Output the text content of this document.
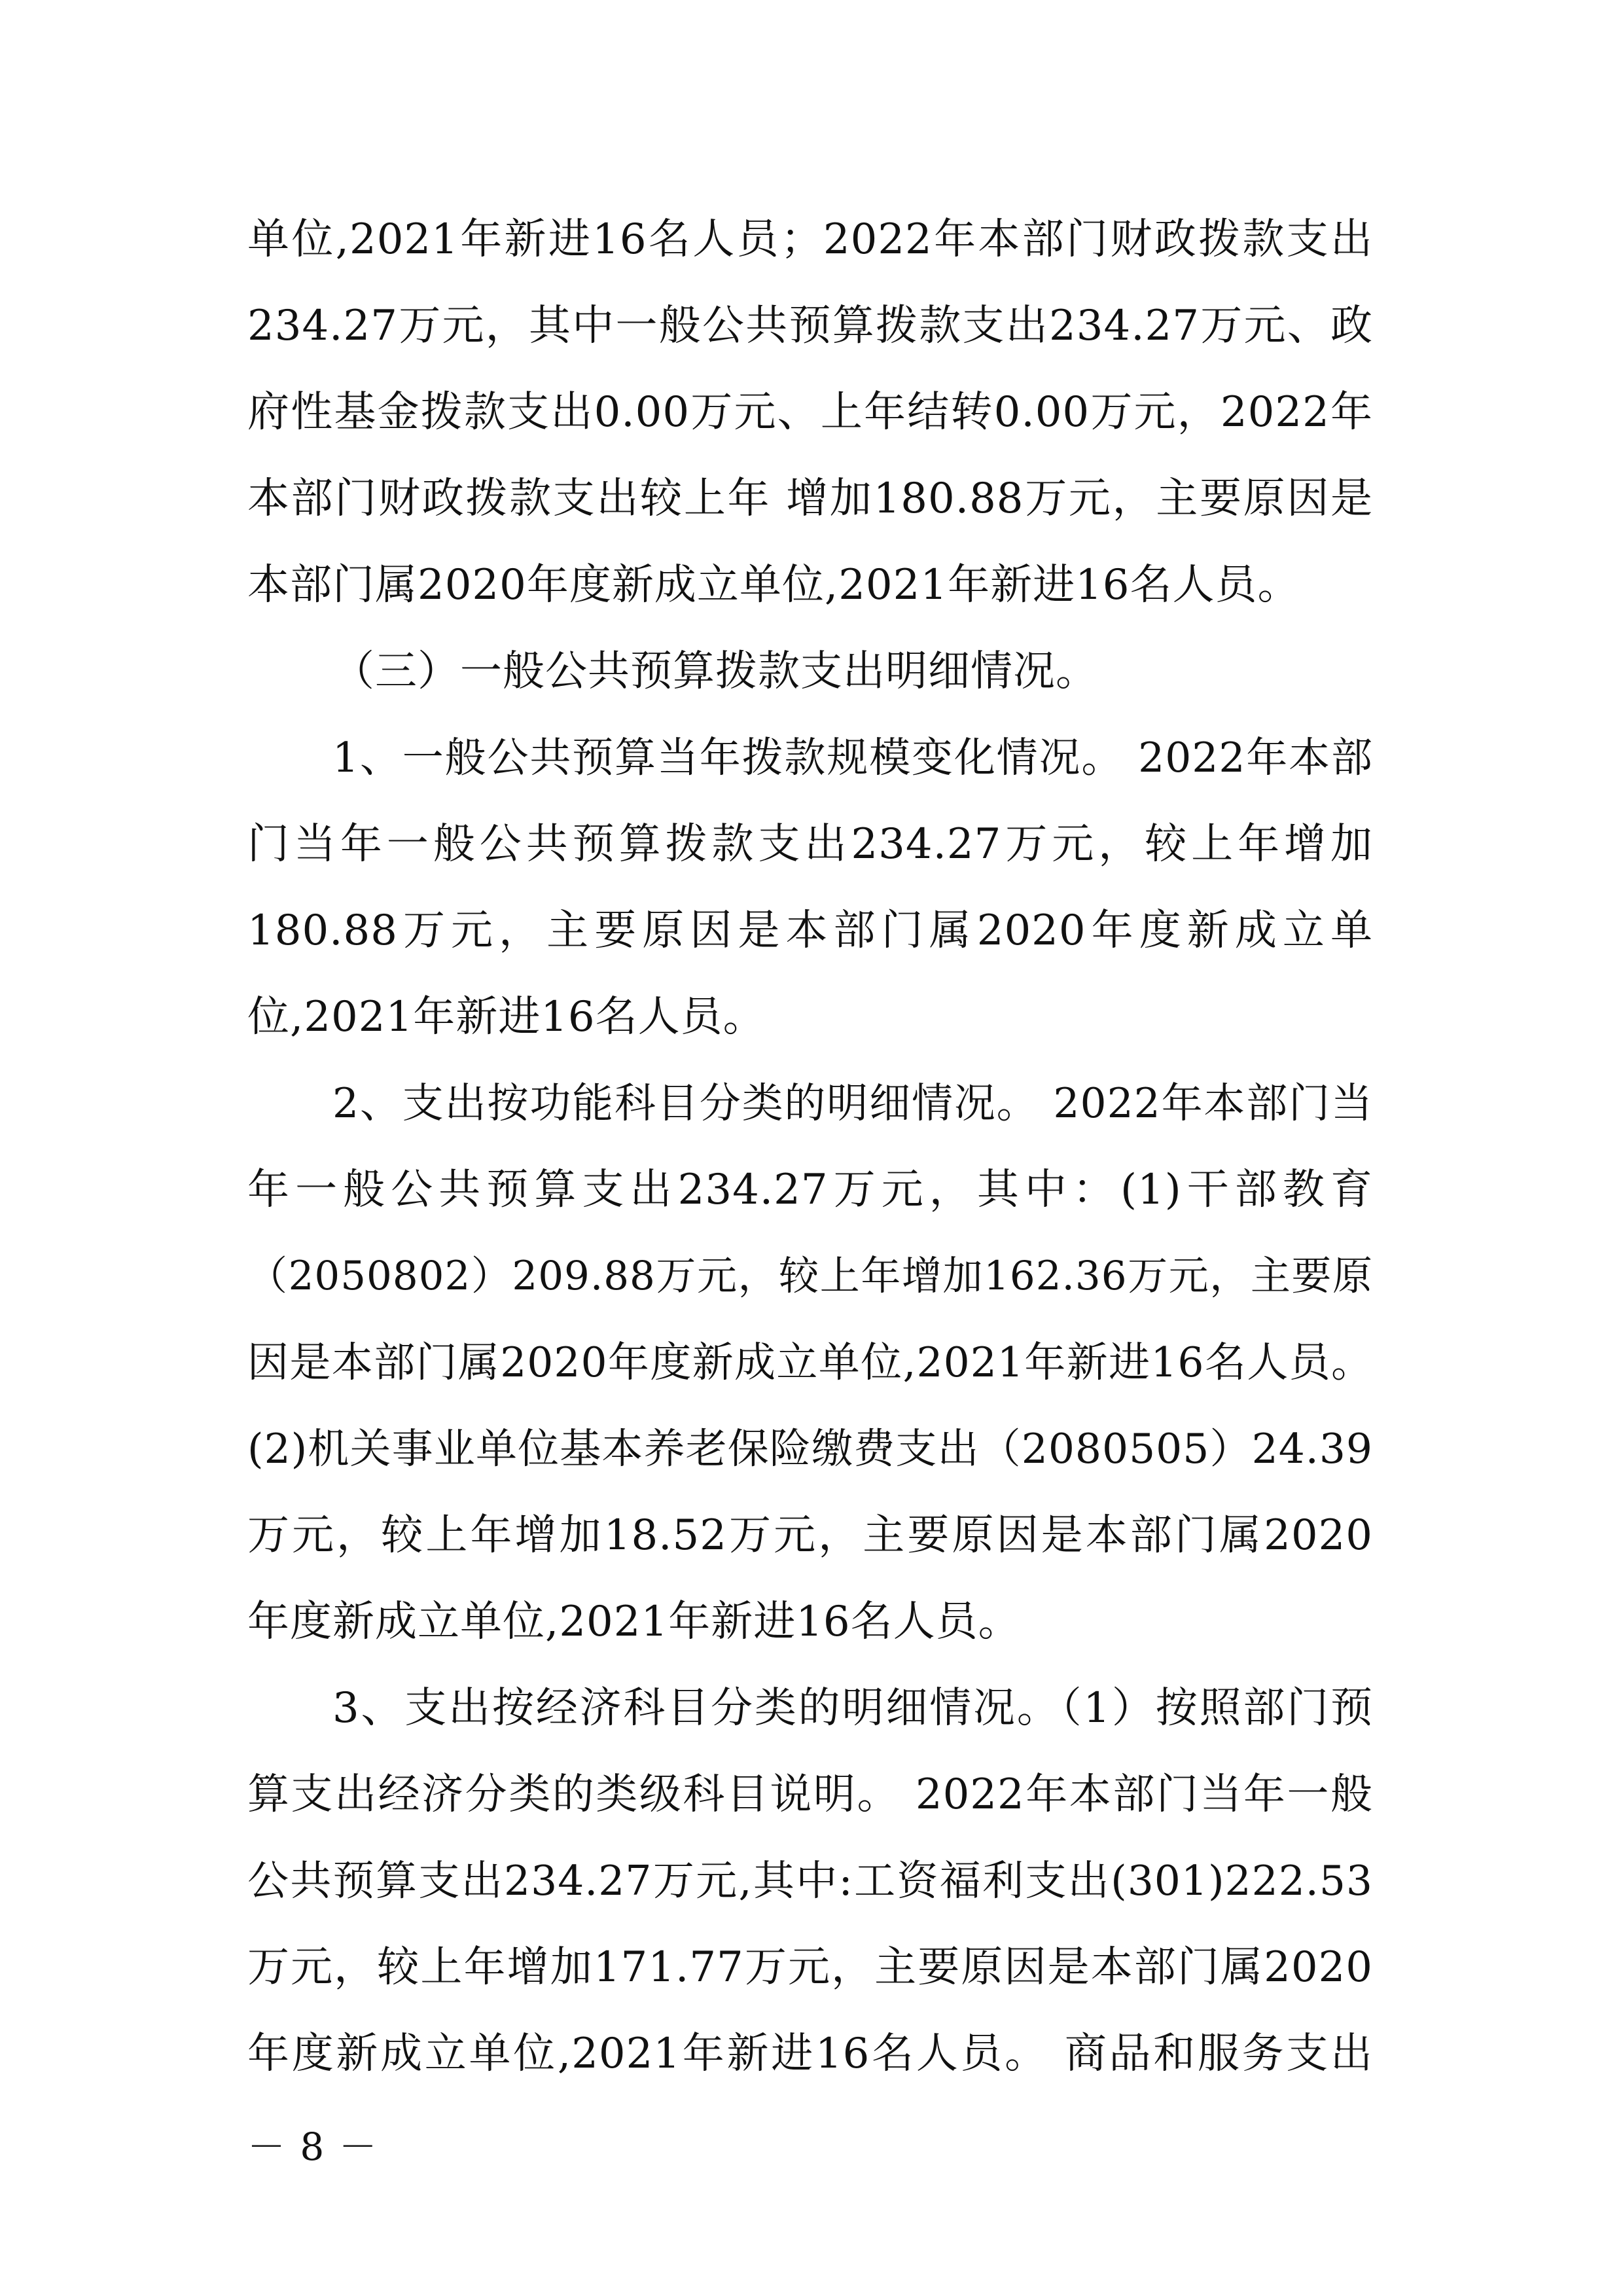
单位,2021年新进16名人员；2022年本部门财政拨款支出
234.27万元，其中一般公共预算拨款支出234.27万元、政
府性基金拨款支出0.00万元、上年结转0.00万元，2022年
本部门财政拨款支出较上年 增加180.88万元，主要原因是
本部门属2020年度新成立单位,2021年新进16名人员。
（三）一般公共预算拨款支出明细情况。
1、一般公共预算当年拨款规模变化情况。 2022年本部
门当年一般公共预算拨款支出234.27万元，较上年增加
180.88万元，主要原因是本部门属2020年度新成立单
位,2021年新进16名人员。
2、支出按功能科目分类的明细情况。 2022年本部门当
年一般公共预算支出234.27万元，其中：(1)干部教育
（2050802）209.88万元，较上年增加162.36万元，主要原
因是本部门属2020年度新成立单位,2021年新进16名人员。
(2)机关事业单位基本养老保险缴费支出（2080505）24.39
万元，较上年增加18.52万元，主要原因是本部门属2020
年度新成立单位,2021年新进16名人员。
3、支出按经济科目分类的明细情况。（1）按照部门预
算支出经济分类的类级科目说明。 2022年本部门当年一般
公共预算支出234.27万元,其中:工资福利支出(301)222.53
万元，较上年增加171.77万元，主要原因是本部门属2020
年度新成立单位,2021年新进16名人员。 商品和服务支出
－ 8 －
